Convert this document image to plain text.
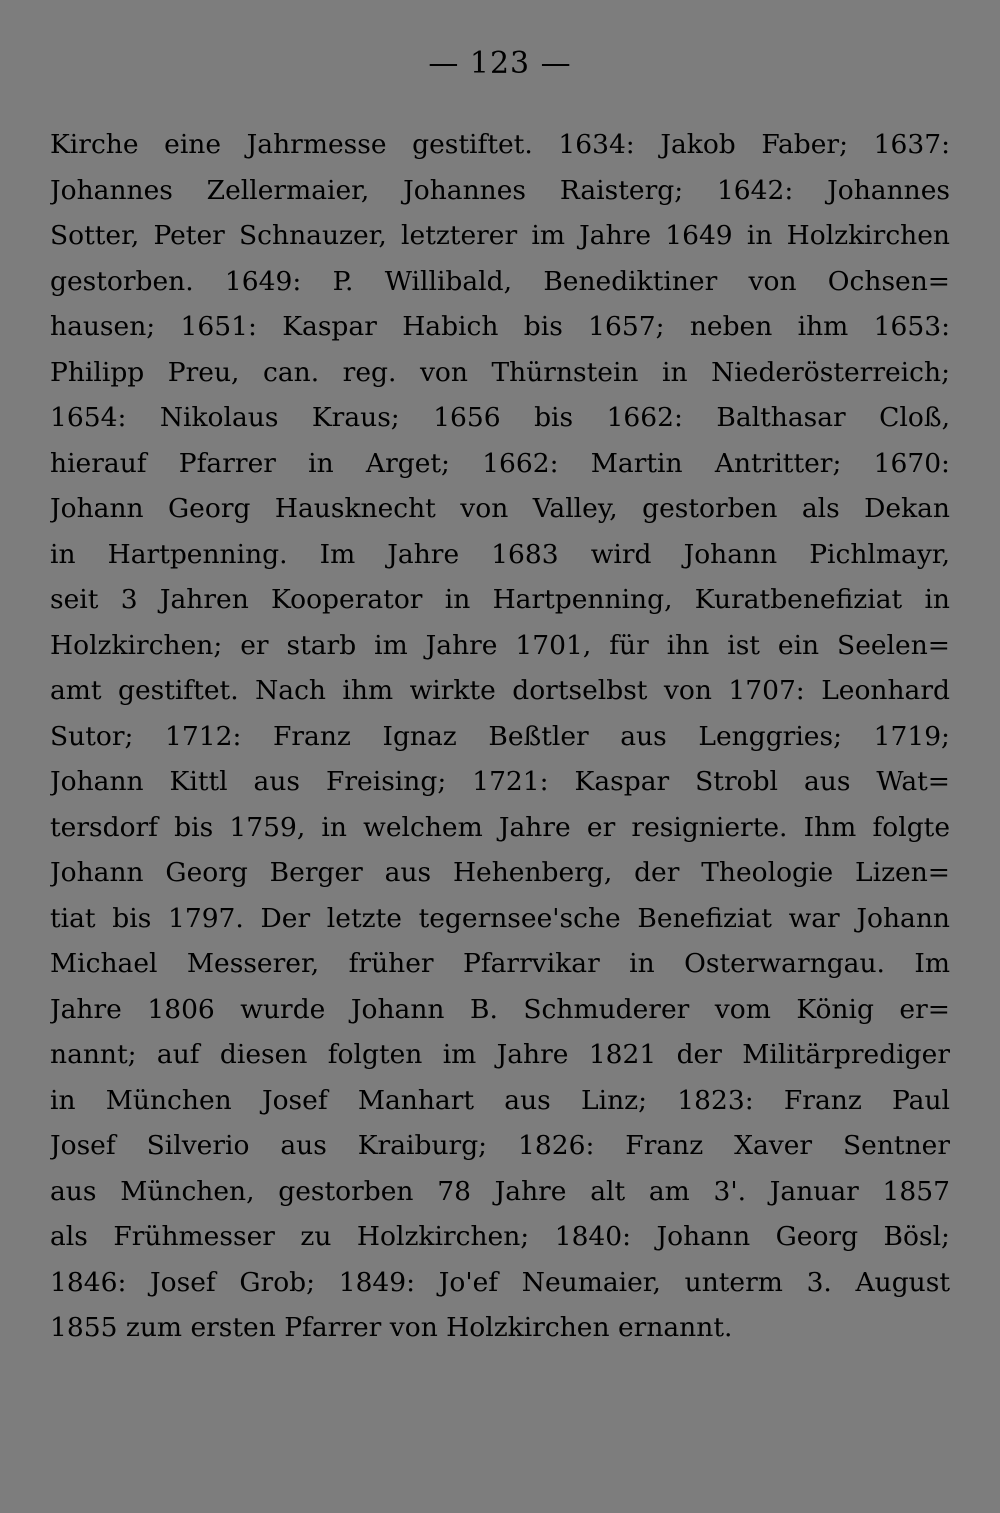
— 123 —
Kirche eine Jahrmesse gestiftet. 1634: Jakob Faber; 1637:
Johannes Zellermaier, Johannes Raisterg; 1642: Johannes
Sotter, Peter Schnauzer, letzterer im Jahre 1649 in Holzkirchen
gestorben. 1649: P. Willibald, Benediktiner von Ochsen=
hausen; 1651: Kaspar Habich bis 1657; neben ihm 1653:
Philipp Preu, can. reg. von Thürnstein in Niederösterreich;
1654: Nikolaus Kraus; 1656 bis 1662: Balthasar Cloß,
hierauf Pfarrer in Arget; 1662: Martin Antritter; 1670:
Johann Georg Hausknecht von Valley, gestorben als Dekan
in Hartpenning. Im Jahre 1683 wird Johann Pichlmayr,
seit 3 Jahren Kooperator in Hartpenning, Kuratbenefiziat in
Holzkirchen; er starb im Jahre 1701, für ihn ist ein Seelen=
amt gestiftet. Nach ihm wirkte dortselbst von 1707: Leonhard
Sutor; 1712: Franz Ignaz Beßtler aus Lenggries; 1719;
Johann Kittl aus Freising; 1721: Kaspar Strobl aus Wat=
tersdorf bis 1759, in welchem Jahre er resignierte. Ihm folgte
Johann Georg Berger aus Hehenberg, der Theologie Lizen=
tiat bis 1797. Der letzte tegernsee'sche Benefiziat war Johann
Michael Messerer, früher Pfarrvikar in Osterwarngau. Im
Jahre 1806 wurde Johann B. Schmuderer vom König er=
nannt; auf diesen folgten im Jahre 1821 der Militärprediger
in München Josef Manhart aus Linz; 1823: Franz Paul
Josef Silverio aus Kraiburg; 1826: Franz Xaver Sentner
aus München, gestorben 78 Jahre alt am 3'. Januar 1857
als Frühmesser zu Holzkirchen; 1840: Johann Georg Bösl;
1846: Josef Grob; 1849: Jo'ef Neumaier, unterm 3. August
1855 zum ersten Pfarrer von Holzkirchen ernannt.
